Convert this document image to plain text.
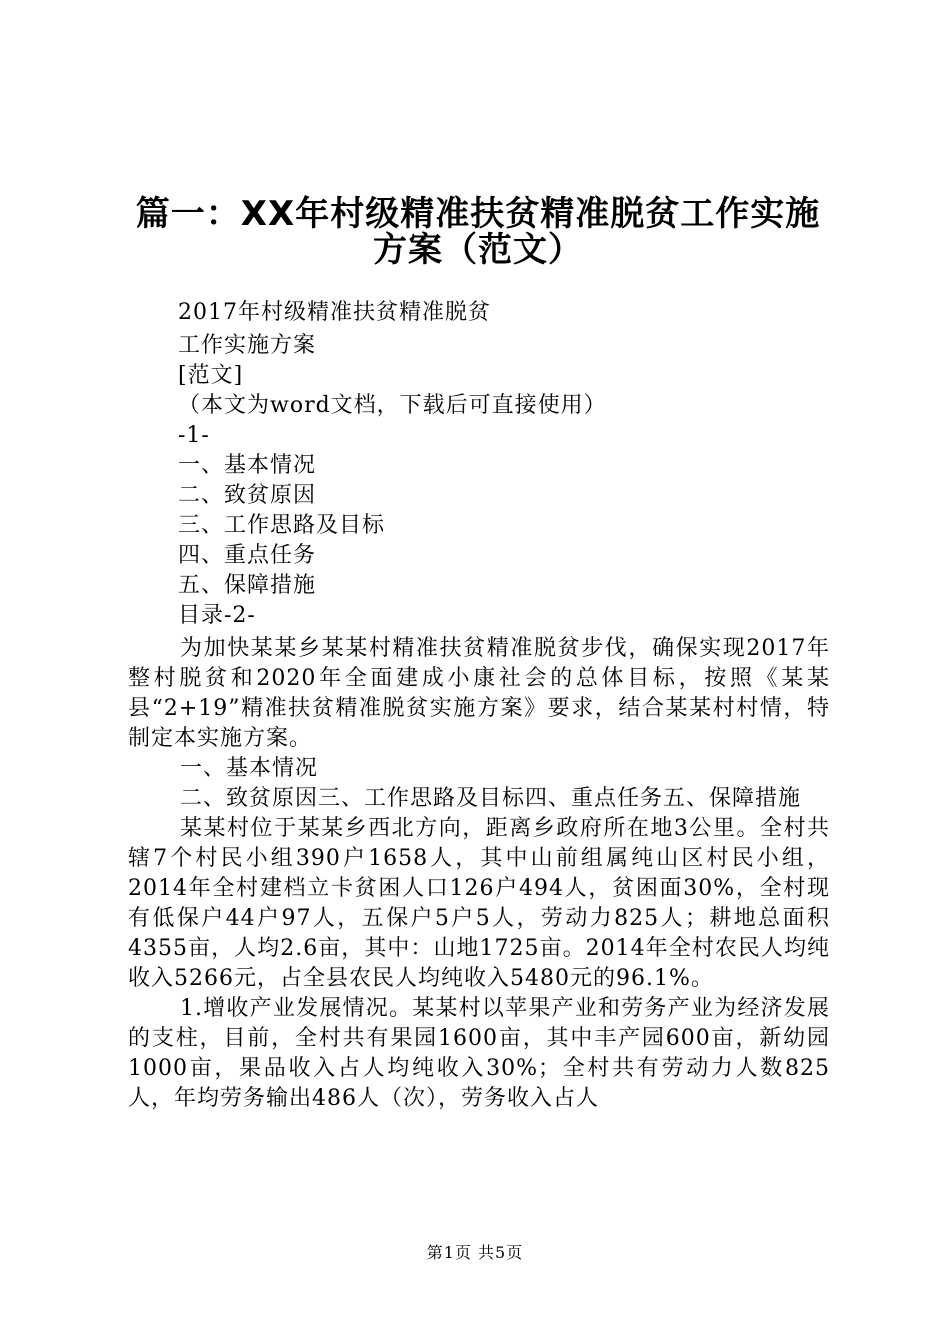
篇一：XX年村级精准扶贫精准脱贫工作实施
方案（范文）
2017年村级精准扶贫精准脱贫
工作实施方案
[范文]
（本文为word文档，下载后可直接使用）
-1-
一、基本情况
二、致贫原因
三、工作思路及目标
四、重点任务
五、保障措施
目录-2-
为加快某某乡某某村精准扶贫精准脱贫步伐，确保实现2017年整村脱贫和2020年全面建成小康社会的总体目标，按照《某某县“2+19”精准扶贫精准脱贫实施方案》要求，结合某某村村情，特制定本实施方案。
一、基本情况
二、致贫原因三、工作思路及目标四、重点任务五、保障措施
某某村位于某某乡西北方向，距离乡政府所在地3公里。全村共辖7个村民小组390户1658人，其中山前组属纯山区村民小组，2014年全村建档立卡贫困人口126户494人，贫困面30%，全村现有低保户44户97人，五保户5户5人，劳动力825人；耕地总面积4355亩，人均2.6亩，其中：山地1725亩。2014年全村农民人均纯收入5266元，占全县农民人均纯收入5480元的96.1%。
1.增收产业发展情况。某某村以苹果产业和劳务产业为经济发展的支柱，目前，全村共有果园1600亩，其中丰产园600亩，新幼园1000亩，果品收入占人均纯收入30%；全村共有劳动力人数825人，年均劳务输出486人（次），劳务收入占人
第1页 共5页
